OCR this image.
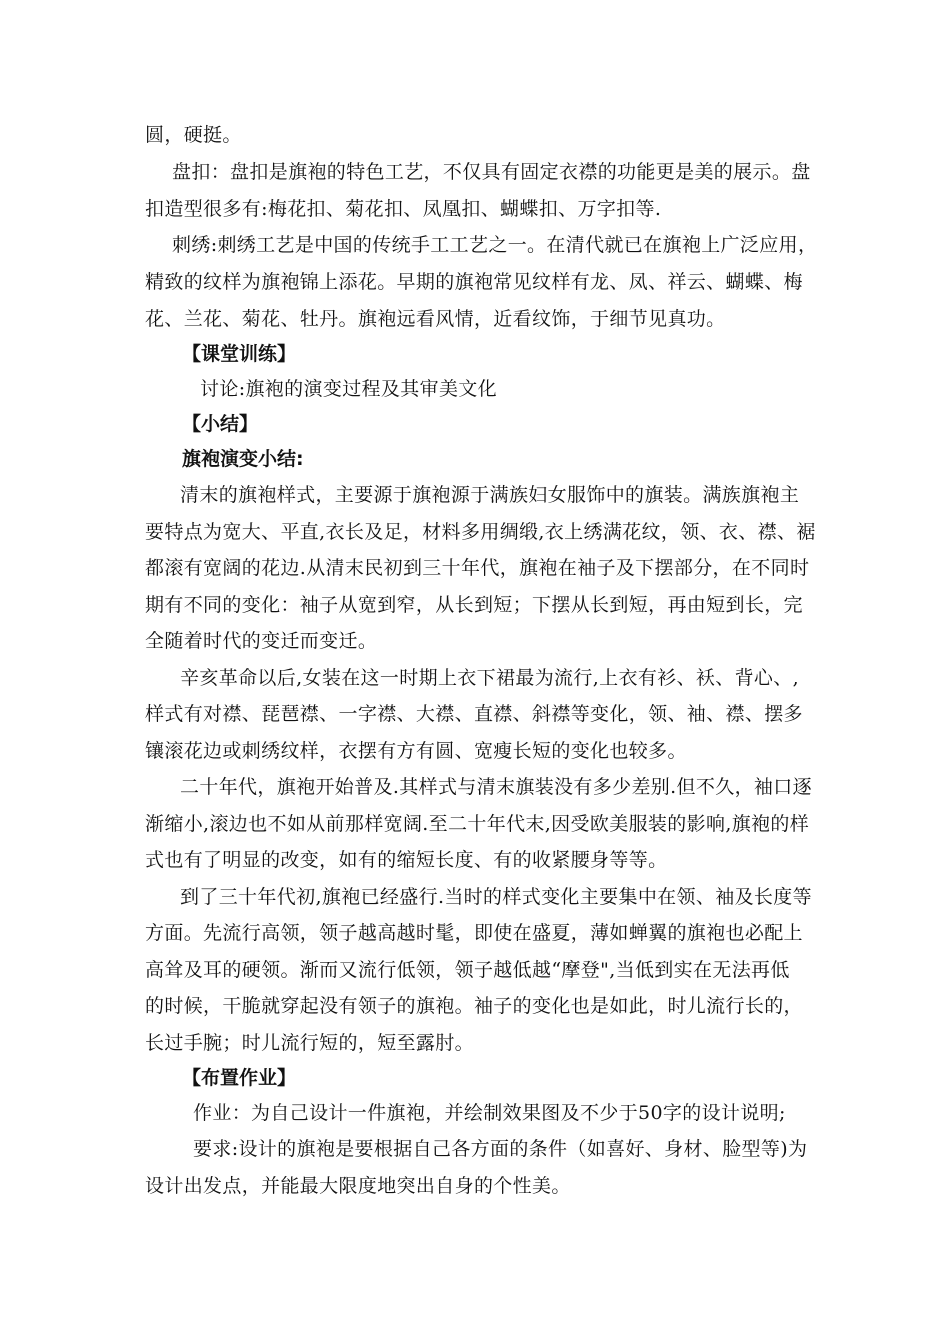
圆，硬挺。
盘扣：盘扣是旗袍的特色工艺，不仅具有固定衣襟的功能更是美的展示。盘
扣造型很多有:梅花扣、菊花扣、凤凰扣、蝴蝶扣、万字扣等.
刺绣:刺绣工艺是中国的传统手工工艺之一。在清代就已在旗袍上广泛应用，
精致的纹样为旗袍锦上添花。早期的旗袍常见纹样有龙、凤、祥云、蝴蝶、梅
花、兰花、菊花、牡丹。旗袍远看风情，近看纹饰，于细节见真功。
【课堂训练】
讨论:旗袍的演变过程及其审美文化
【小结】
旗袍演变小结:
清末的旗袍样式，主要源于旗袍源于满族妇女服饰中的旗装。满族旗袍主
要特点为宽大、平直,衣长及足，材料多用绸缎,衣上绣满花纹，领、衣、襟、裾
都滚有宽阔的花边.从清末民初到三十年代，旗袍在袖子及下摆部分，在不同时
期有不同的变化：袖子从宽到窄，从长到短；下摆从长到短，再由短到长，完
全随着时代的变迁而变迁。
辛亥革命以后,女装在这一时期上衣下裙最为流行,上衣有衫、袄、背心、,
样式有对襟、琵琶襟、一字襟、大襟、直襟、斜襟等变化，领、袖、襟、摆多
镶滚花边或刺绣纹样，衣摆有方有圆、宽瘦长短的变化也较多。
二十年代，旗袍开始普及.其样式与清末旗装没有多少差别.但不久，袖口逐
渐缩小,滚边也不如从前那样宽阔.至二十年代末,因受欧美服装的影响,旗袍的样
式也有了明显的改变，如有的缩短长度、有的收紧腰身等等。
到了三十年代初,旗袍已经盛行.当时的样式变化主要集中在领、袖及长度等
方面。先流行高领，领子越高越时髦，即使在盛夏，薄如蝉翼的旗袍也必配上
高耸及耳的硬领。渐而又流行低领，领子越低越“摩登",当低到实在无法再低
的时候，干脆就穿起没有领子的旗袍。袖子的变化也是如此，时儿流行长的，
长过手腕；时儿流行短的，短至露肘。
【布置作业】
作业：为自己设计一件旗袍，并绘制效果图及不少于50字的设计说明;
要求:设计的旗袍是要根据自己各方面的条件（如喜好、身材、脸型等)为
设计出发点，并能最大限度地突出自身的个性美。
